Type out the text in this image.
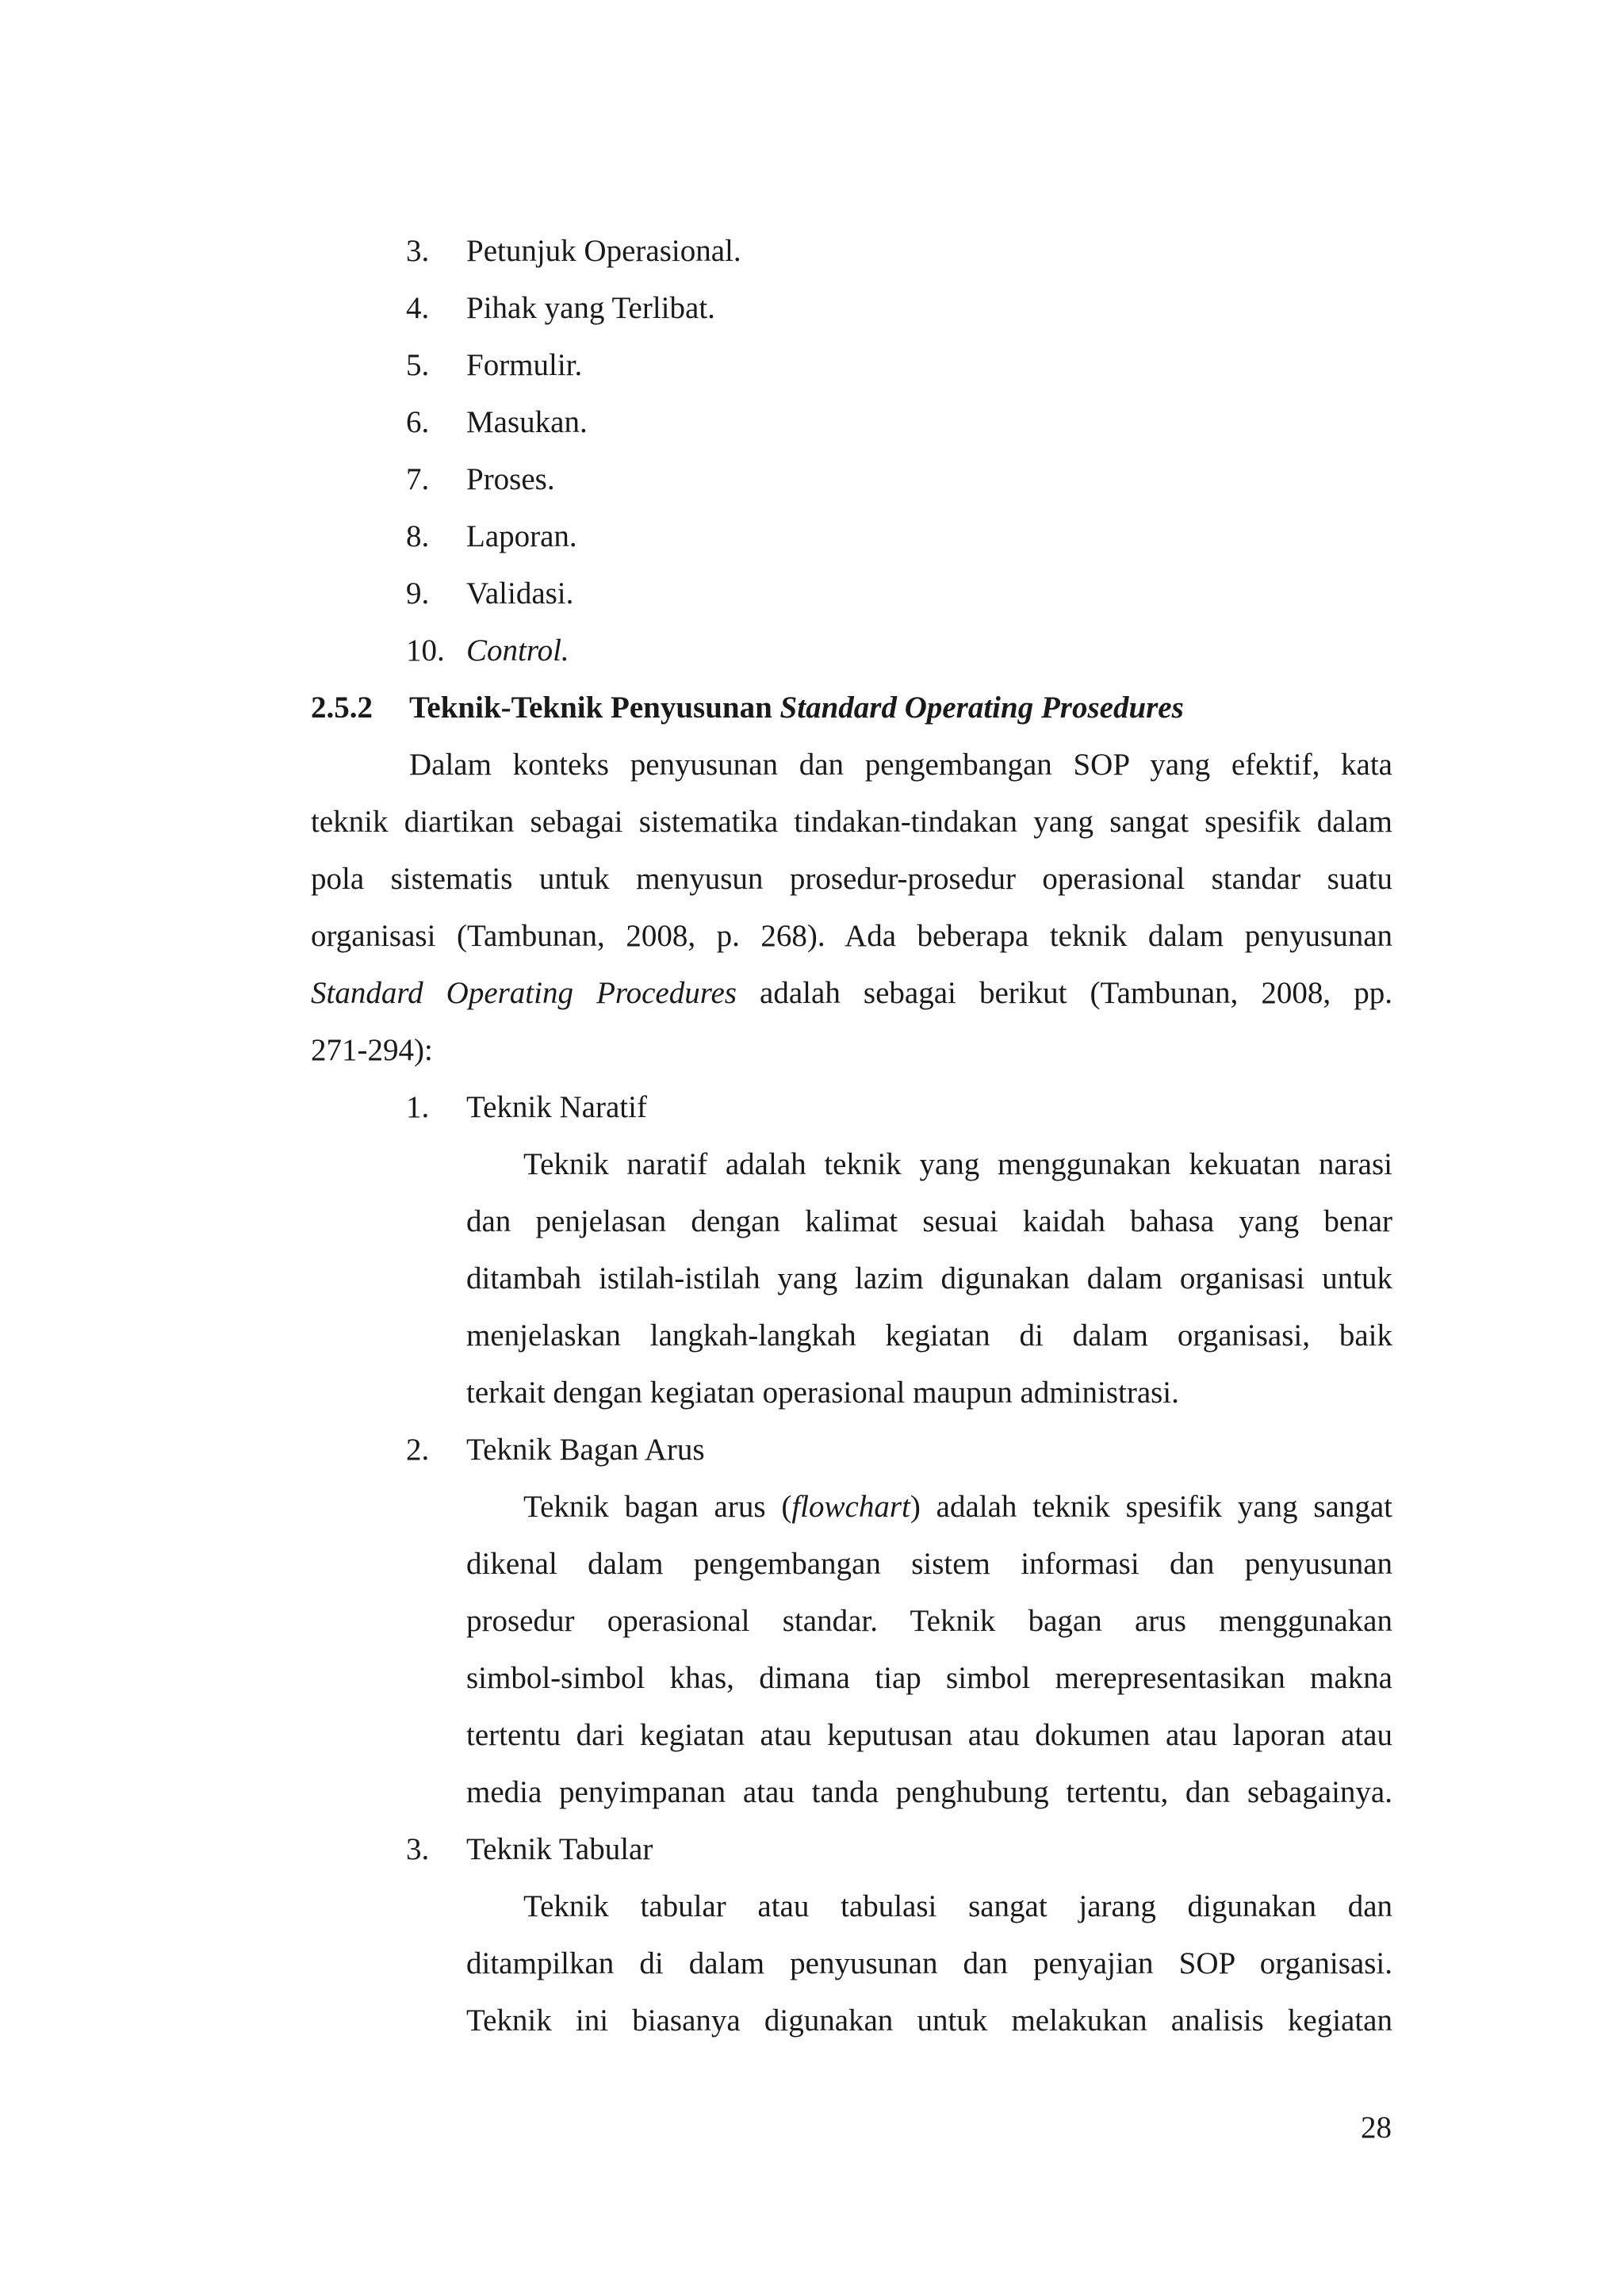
3. Petunjuk Operasional.
4. Pihak yang Terlibat.
5. Formulir.
6. Masukan.
7. Proses.
8. Laporan.
9. Validasi.
10. Control.
2.5.2 Teknik-Teknik Penyusunan Standard Operating Prosedures
Dalam konteks penyusunan dan pengembangan SOP yang efektif, kata
teknik diartikan sebagai sistematika tindakan-tindakan yang sangat spesifik dalam
pola sistematis untuk menyusun prosedur-prosedur operasional standar suatu
organisasi (Tambunan, 2008, p. 268). Ada beberapa teknik dalam penyusunan
Standard Operating Procedures adalah sebagai berikut (Tambunan, 2008, pp.
271-294):
1. Teknik Naratif
Teknik naratif adalah teknik yang menggunakan kekuatan narasi
dan penjelasan dengan kalimat sesuai kaidah bahasa yang benar
ditambah istilah-istilah yang lazim digunakan dalam organisasi untuk
menjelaskan langkah-langkah kegiatan di dalam organisasi, baik
terkait dengan kegiatan operasional maupun administrasi.
2. Teknik Bagan Arus
Teknik bagan arus (flowchart) adalah teknik spesifik yang sangat
dikenal dalam pengembangan sistem informasi dan penyusunan
prosedur operasional standar. Teknik bagan arus menggunakan
simbol-simbol khas, dimana tiap simbol merepresentasikan makna
tertentu dari kegiatan atau keputusan atau dokumen atau laporan atau
media penyimpanan atau tanda penghubung tertentu, dan sebagainya.
3. Teknik Tabular
Teknik tabular atau tabulasi sangat jarang digunakan dan
ditampilkan di dalam penyusunan dan penyajian SOP organisasi.
Teknik ini biasanya digunakan untuk melakukan analisis kegiatan
28
